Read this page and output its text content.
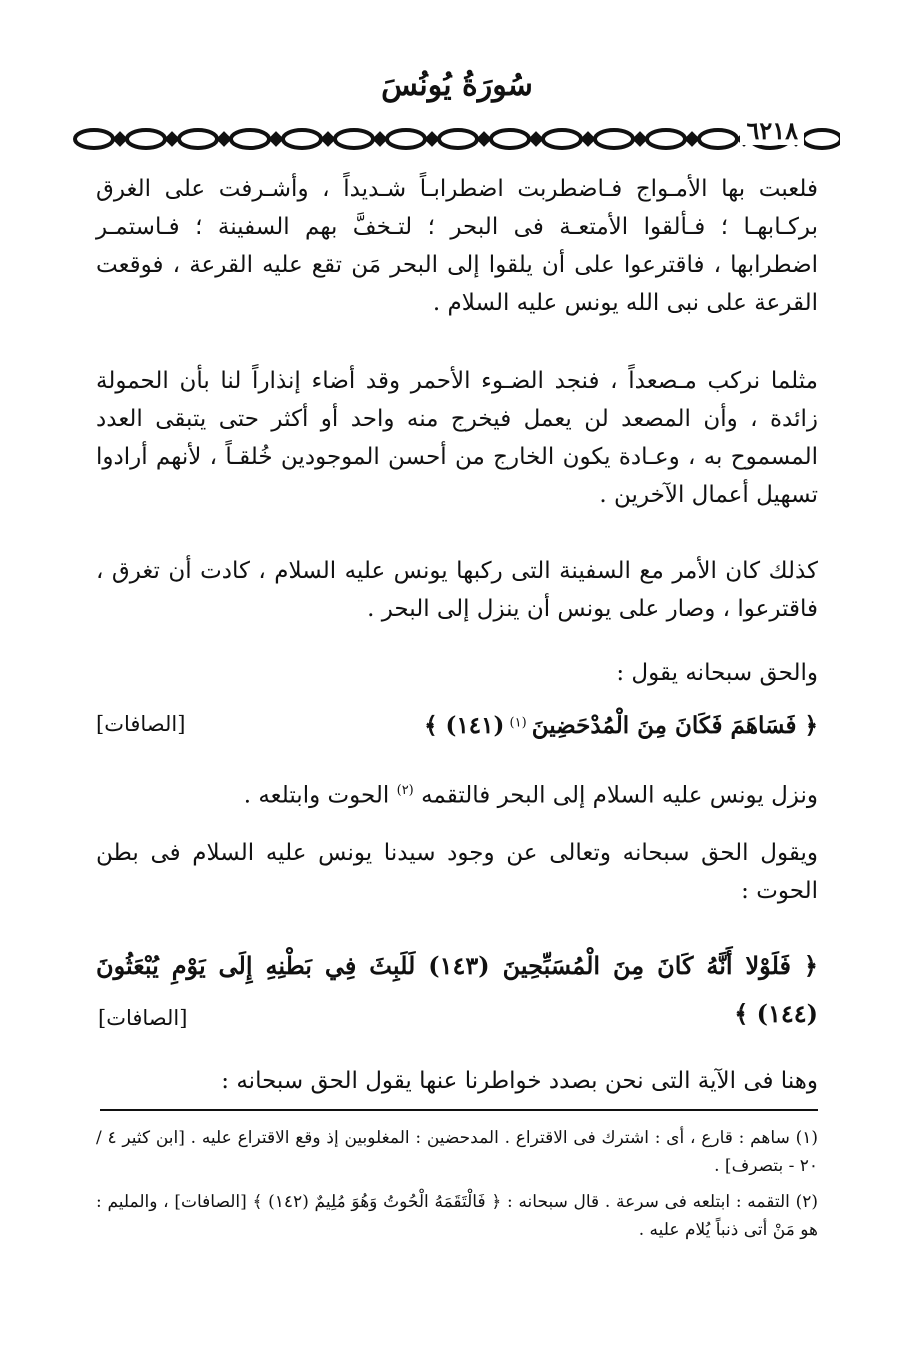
سُورَةُ يُونُسَ
٦٢١٨
فلعبت بها الأمـواج فـاضطربت اضطرابـاً شـديداً ، وأشـرفت على الغرق بركـابهـا ؛ فـألقوا الأمتعـة فى البحر ؛ لتـخفَّ بهم السفينة ؛ فـاستمـر اضطرابها ، فاقترعوا على أن يلقوا إلى البحر مَن تقع عليه القرعة ، فوقعت القرعة على نبى الله يونس عليه السلام .
مثلما نركب مـصعداً ، فنجد الضـوء الأحمر وقد أضاء إنذاراً لنا بأن الحمولة زائدة ، وأن المصعد لن يعمل فيخرج منه واحد أو أكثر حتى يتبقى العدد المسموح به ، وعـادة يكون الخارج من أحسن الموجودين خُلقـاً ، لأنهم أرادوا تسهيل أعمال الآخرين .
كذلك كان الأمر مع السفينة التى ركبها يونس عليه السلام ، كادت أن تغرق ، فاقترعوا ، وصار على يونس أن ينزل إلى البحر .
والحق سبحانه يقول :
﴿ فَسَاهَمَ فَكَانَ مِنَ الْمُدْحَضِينَ $^{(١)}$ (١٤١) ﴾
[الصافات]
ونزل يونس عليه السلام إلى البحر فالتقمه $^{(٢)}$ الحوت وابتلعه .
ويقول الحق سبحانه وتعالى عن وجود سيدنا يونس عليه السلام فى بطن الحوت :
﴿ فَلَوْلا أَنَّهُ كَانَ مِنَ الْمُسَبِّحِينَ (١٤٣) لَلَبِثَ فِي بَطْنِهِ إِلَى يَوْمِ يُبْعَثُونَ (١٤٤) ﴾
[الصافات]
وهنا فى الآية التى نحن بصدد خواطرنا عنها يقول الحق سبحانه :
(١) ساهم : قارع ، أى : اشترك فى الاقتراع . المدحضين : المغلوبين إذ وقع الاقتراع عليه . [ابن كثير ٤ / ٢٠ - بتصرف] .
(٢) التقمه : ابتلعه فى سرعة . قال سبحانه : ﴿ فَالْتَقَمَهُ الْحُوتُ وَهُوَ مُلِيمٌ (١٤٢) ﴾ [الصافات] ، والمليم : هو مَنْ أتى ذنباً يُلام عليه .
